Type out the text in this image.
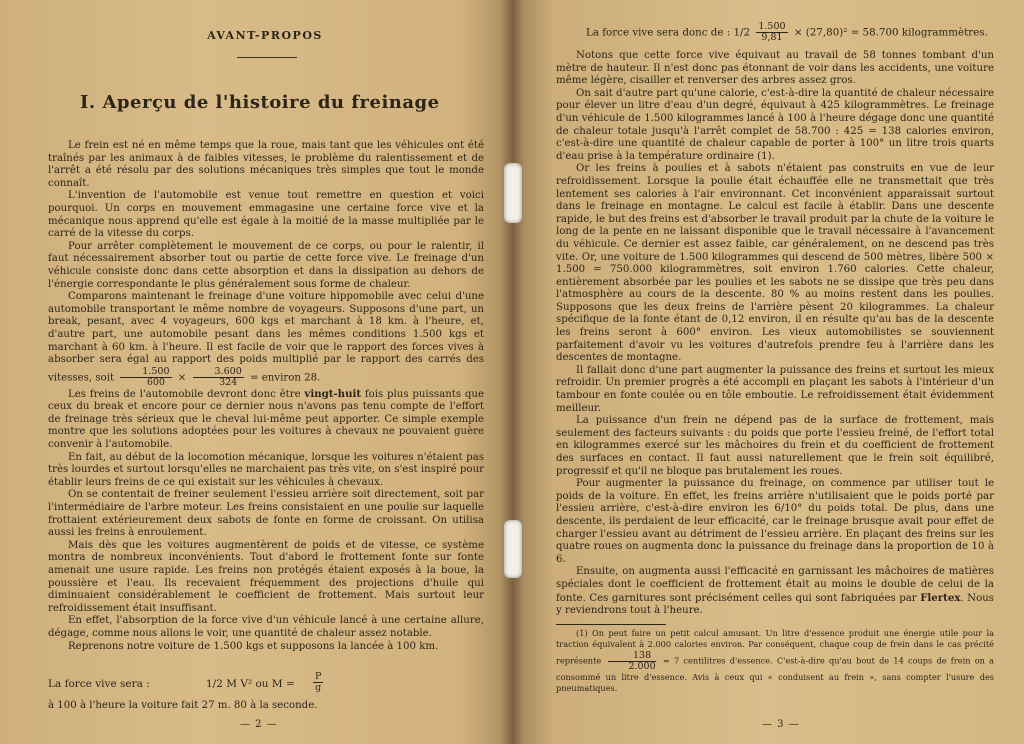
AVANT-PROPOS
I. Aperçu de l'histoire du freinage

Le frein est né en même temps que la roue, mais tant que les véhicules ont été traînés par les animaux à de faibles vitesses, le problème du ralentissement et de l'arrêt a été résolu par des solutions mécaniques très simples que tout le monde connaît.

L'invention de l'automobile est venue tout remettre en question et voici pourquoi. Un corps en mouvement emmagasine une certaine force vive et la mécanique nous apprend qu'elle est égale à la moitié de la masse multipliée par le carré de la vitesse du corps.

Pour arrêter complètement le mouvement de ce corps, ou pour le ralentir, il faut nécessairement absorber tout ou partie de cette force vive. Le freinage d'un véhicule consiste donc dans cette absorption et dans la dissipation au dehors de l'énergie correspondante le plus généralement sous forme de chaleur.

Comparons maintenant le freinage d'une voiture hippomobile avec celui d'une automobile transportant le même nombre de voyageurs. Supposons d'une part, un break, pesant, avec 4 voyageurs, 600 kgs et marchant à 18 km. à l'heure, et, d'autre part, une automobile pesant dans les mêmes conditions 1.500 kgs et marchant à 60 km. à l'heure. Il est facile de voir que le rapport des forces vives à absorber sera égal au rapport des poids multiplié par le rapport des carrés des vitesses, soit $\frac{1.500}{600} \times \frac{3.600}{324}$ = environ 28.

Les freins de l'automobile devront donc être vingt-huit fois plus puissants que ceux du break et encore pour ce dernier nous n'avons pas tenu compte de l'effort de freinage très sérieux que le cheval lui-même peut apporter. Ce simple exemple montre que les solutions adoptées pour les voitures à chevaux ne pouvaient guère convenir à l'automobile.

En fait, au début de la locomotion mécanique, lorsque les voitures n'étaient pas très lourdes et surtout lorsqu'elles ne marchaient pas très vite, on s'est inspiré pour établir leurs freins de ce qui existait sur les véhicules à chevaux.

On se contentait de freiner seulement l'essieu arrière soit directement, soit par l'intermédiaire de l'arbre moteur. Les freins consistaient en une poulie sur laquelle frottaient extérieurement deux sabots de fonte en forme de croissant. On utilisa aussi les freins à enroulement.

Mais dès que les voitures augmentèrent de poids et de vitesse, ce système montra de nombreux inconvénients. Tout d'abord le frottement fonte sur fonte amenait une usure rapide. Les freins non protégés étaient exposés à la boue, la poussière et l'eau. Ils recevaient fréquemment des projections d'huile qui diminuaient considérablement le coefficient de frottement. Mais surtout leur refroidissement était insuffisant.

En effet, l'absorption de la force vive d'un véhicule lancé à une certaine allure, dégage, comme nous allons le voir, une quantité de chaleur assez notable.

Reprenons notre voiture de 1.500 kgs et supposons la lancée à 100 km.

La force vive sera :	1/2 M V² ou $M = \frac{P}{g}$
à 100 à l'heure la voiture fait 27 m. 80 à la seconde.
— 2 —
La force vive sera donc de : $1/2 \frac{1.500}{9,81} \times (27,80)^2 = 58.700$ kilogrammètres.

Notons que cette force vive équivaut au travail de 58 tonnes tombant d'un mètre de hauteur. Il n'est donc pas étonnant de voir dans les accidents, une voiture même légère, cisailler et renverser des arbres assez gros.

On sait d'autre part qu'une calorie, c'est-à-dire la quantité de chaleur nécessaire pour élever un litre d'eau d'un degré, équivaut à 425 kilogrammètres. Le freinage d'un véhicule de 1.500 kilogrammes lancé à 100 à l'heure dégage donc une quantité de chaleur totale jusqu'à l'arrêt complet de 58.700 : 425 = 138 calories environ, c'est-à-dire une quantité de chaleur capable de porter à 100° un litre trois quarts d'eau prise à la température ordinaire (1).

Or les freins à poulies et à sabots n'étaient pas construits en vue de leur refroidissement. Lorsque la poulie était échauffée elle ne transmettait que très lentement ses calories à l'air environnant. Cet inconvénient apparaissait surtout dans le freinage en montagne. Le calcul est facile à établir. Dans une descente rapide, le but des freins est d'absorber le travail produit par la chute de la voiture le long de la pente en ne laissant disponible que le travail nécessaire à l'avancement du véhicule. Ce dernier est assez faible, car généralement, on ne descend pas très vite. Or, une voiture de 1.500 kilogrammes qui descend de 500 mètres, libère 500 × 1.500 = 750.000 kilogrammètres, soit environ 1.760 calories. Cette chaleur, entièrement absorbée par les poulies et les sabots ne se dissipe que très peu dans l'atmosphère au cours de la descente. 80 % au moins restent dans les poulies. Supposons que les deux freins de l'arrière pèsent 20 kilogrammes. La chaleur spécifique de la fonte étant de 0,12 environ, il en résulte qu'au bas de la descente les freins seront à 600° environ. Les vieux automobilistes se souviennent parfaitement d'avoir vu les voitures d'autrefois prendre feu à l'arrière dans les descentes de montagne.

Il fallait donc d'une part augmenter la puissance des freins et surtout les mieux refroidir. Un premier progrès a été accompli en plaçant les sabots à l'intérieur d'un tambour en fonte coulée ou en tôle emboutie. Le refroidissement était évidemment meilleur.

La puissance d'un frein ne dépend pas de la surface de frottement, mais seulement des facteurs suivants : du poids que porte l'essieu freiné, de l'effort total en kilogrammes exercé sur les mâchoires du frein et du coefficient de frottement des surfaces en contact. Il faut aussi naturellement que le frein soit équilibré, progressif et qu'il ne bloque pas brutalement les roues.

Pour augmenter la puissance du freinage, on commence par utiliser tout le poids de la voiture. En effet, les freins arrière n'utilisaient que le poids porté par l'essieu arrière, c'est-à-dire environ les 6/10° du poids total. De plus, dans une descente, ils perdaient de leur efficacité, car le freinage brusque avait pour effet de charger l'essieu avant au détriment de l'essieu arrière. En plaçant des freins sur les quatre roues on augmenta donc la puissance du freinage dans la proportion de 10 à 6.

Ensuite, on augmenta aussi l'efficacité en garnissant les mâchoires de matières spéciales dont le coefficient de frottement était au moins le double de celui de la fonte. Ces garnitures sont précisément celles qui sont fabriquées par Flertex. Nous y reviendrons tout à l'heure.

(1) On peut faire un petit calcul amusant. Un litre d'essence produit une énergie utile pour la traction équivalent à 2.000 calories environ. Par conséquent, chaque coup de frein dans le cas précité représente $\frac{138}{2.000} = 7$ centilitres d'essence. C'est-à-dire qu'au bout de 14 coups de frein on a consommé un litre d'essence. Avis à ceux qui « conduisent au frein », sans compter l'usure des pneumatiques.

— 3 —
